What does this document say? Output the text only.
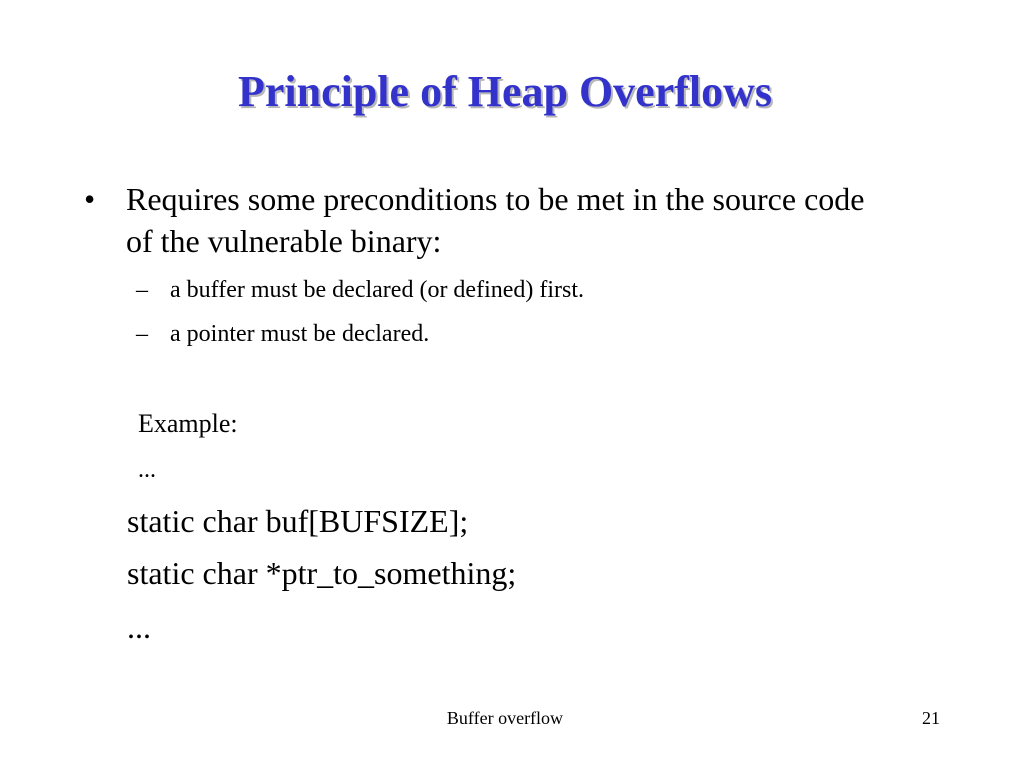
Principle of Heap Overflows
• Requires some preconditions to be met in the source code of the vulnerable binary:
– a buffer must be declared (or defined) first.
– a pointer must be declared.
Example:
...
static char buf[BUFSIZE];
static char *ptr_to_something;
...
Buffer overflow	21
